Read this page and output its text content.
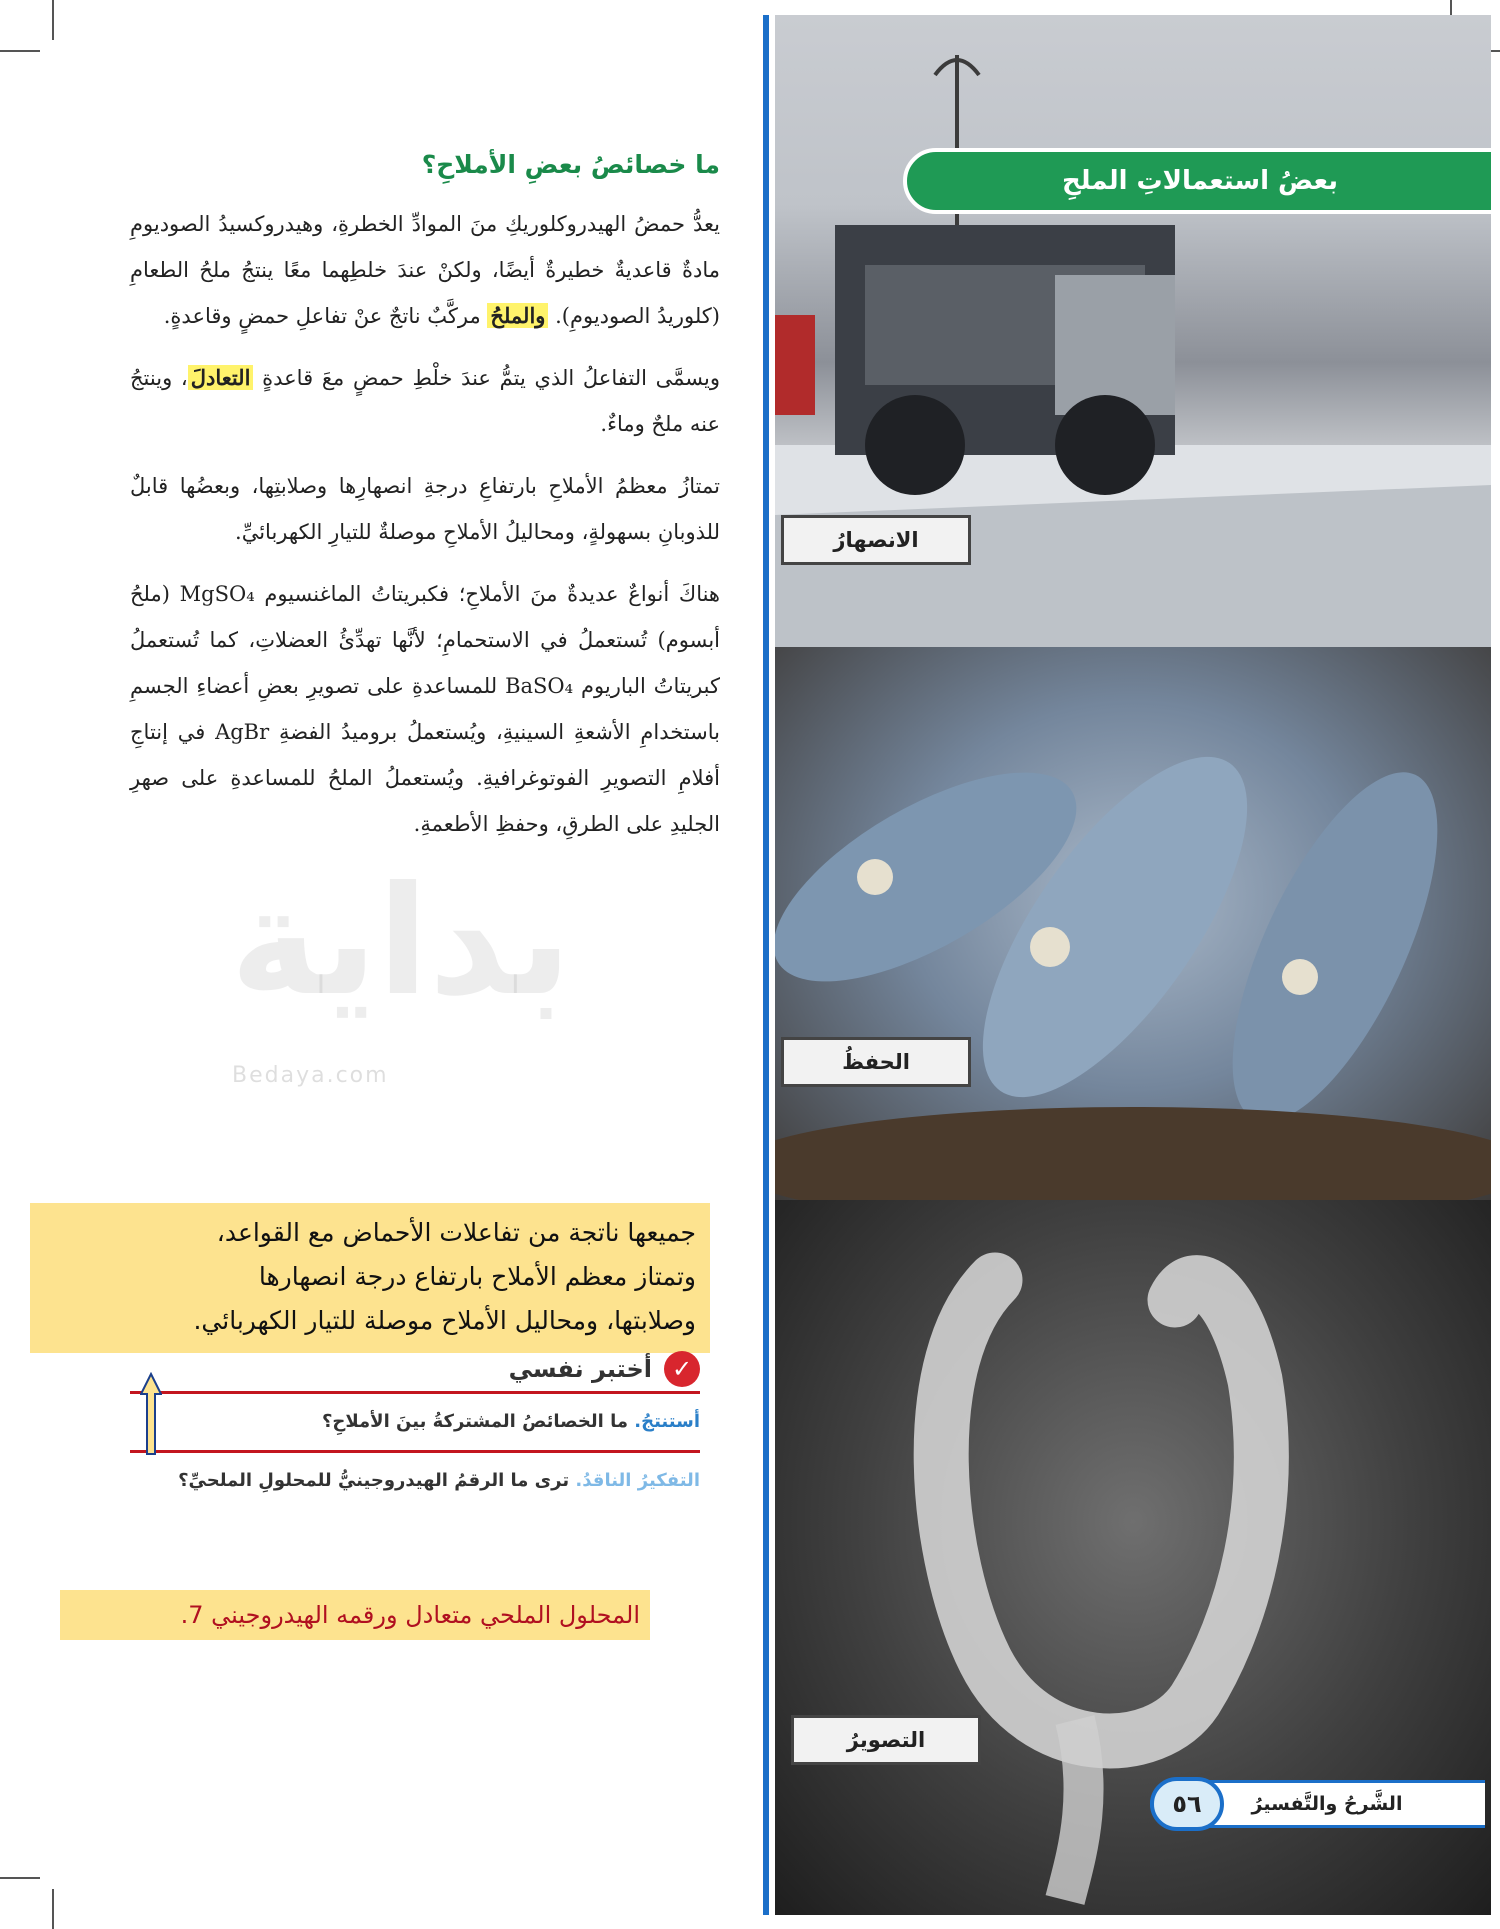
بداية
Bedaya.com
ما خصائصُ بعضِ الأملاحِ؟

يعدُّ حمضُ الهيدروكلوريكِ منَ الموادِّ الخطرةِ، وهيدروكسيدُ الصوديومِ مادةٌ قاعديةٌ خطيرةٌ أيضًا، ولكنْ عندَ خلطِهما معًا ينتجُ ملحُ الطعامِ (كلوريدُ الصوديومِ). والملحُ مركَّبٌ ناتجٌ عنْ تفاعلِ حمضٍ وقاعدةٍ.

ويسمَّى التفاعلُ الذي يتمُّ عندَ خلْطِ حمضٍ معَ قاعدةٍ التعادلَ، وينتجُ عنه ملحٌ وماءٌ.

تمتازُ معظمُ الأملاحِ بارتفاعِ درجةِ انصهارِها وصلابتِها، وبعضُها قابلٌ للذوبانِ بسهولةٍ، ومحاليلُ الأملاحِ موصلةٌ للتيارِ الكهربائيِّ.

هناكَ أنواعٌ عديدةٌ منَ الأملاحِ؛ فكبريتاتُ الماغنسيوم MgSO₄ (ملحُ أبسوم) تُستعملُ في الاستحمامِ؛ لأنَّها تهدِّئُ العضلاتِ، كما تُستعملُ كبريتاتُ الباريوم BaSO₄ للمساعدةِ على تصويرِ بعضِ أعضاءِ الجسمِ باستخدامِ الأشعةِ السينيةِ، ويُستعملُ بروميدُ الفضةِ AgBr في إنتاجِ أفلامِ التصويرِ الفوتوغرافيةِ. ويُستعملُ الملحُ للمساعدةِ على صهرِ الجليدِ على الطرقِ، وحفظِ الأطعمةِ.

جميعها ناتجة من تفاعلات الأحماض مع القواعد،
وتمتاز معظم الأملاح بارتفاع درجة انصهارها
وصلابتها، ومحاليل الأملاح موصلة للتيار الكهربائي.
✓
أختبر نفسي
أستنتجُ. ما الخصائصُ المشتركةُ بينَ الأملاحِ؟
التفكيرُ الناقدُ. ترى ما الرقمُ الهيدروجينيُّ للمحلولِ الملحيِّ؟
المحلول الملحي متعادل ورقمه الهيدروجيني 7.
بعضُ استعمالاتِ الملحِ
الانصهارُ
الحفظُ
التصويرُ
٥٦	الشَّرحُ والتَّفسيرُ
